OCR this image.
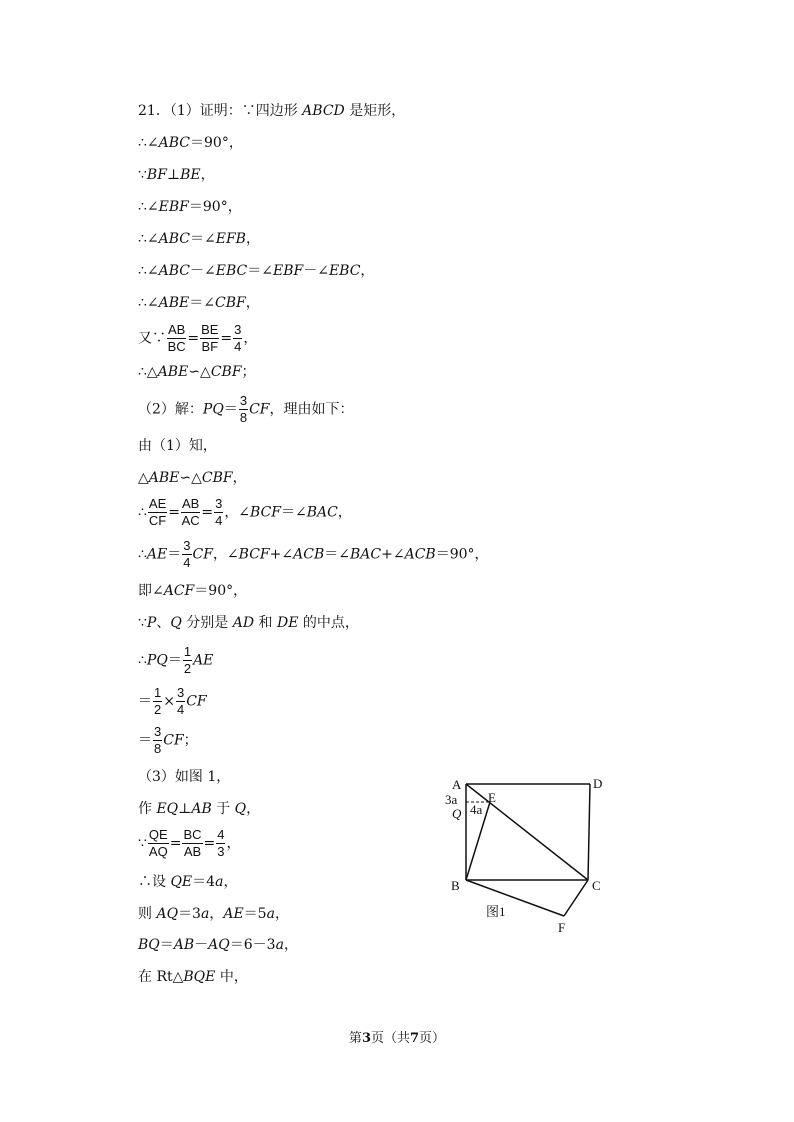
21．（1）证明：∵四边形 ABCD 是矩形，
∴∠ABC＝90°，
∵BF⊥BE，
∴∠EBF＝90°，
∴∠ABC＝∠EFB，
∴∠ABC－∠EBC＝∠EBF－∠EBC，
∴∠ABE＝∠CBF，
又∵ $\frac{AB}{BC} = \frac{BE}{BF} = \frac{3}{4}$ ，
∴△ABE∽△CBF；
（2）解：$PQ= \frac{3}{8}$ CF，理由如下：
由（1）知，
△ABE∽△CBF，
∴ $\frac{AE}{CF} = \frac{AB}{AC} = \frac{3}{4}$ ，∠BCF＝∠BAC，
∴AE＝ $\frac{3}{4}$ CF，∠BCF+∠ACB＝∠BAC+∠ACB＝90°，
即∠ACF＝90°，
∵P、Q 分别是 AD 和 DE 的中点，
∴PQ＝ $\frac{1}{2}$ AE
＝ $\frac{1}{2} \times \frac{3}{4}$ CF
＝ $\frac{3}{8}$ CF；
（3）如图 1，
作 EQ⊥AB 于 Q，
∵ $\frac{QE}{AQ} = \frac{BC}{AB} = \frac{4}{3}$ ，
∴设 QE＝4a，
则 AQ＝3a，AE＝5a，
BQ＝AB－AQ＝6－3a，
在 Rt△BQE 中，
A	D
B	C
E
F
Q
3a
4a
图1
第3页（共7页）
